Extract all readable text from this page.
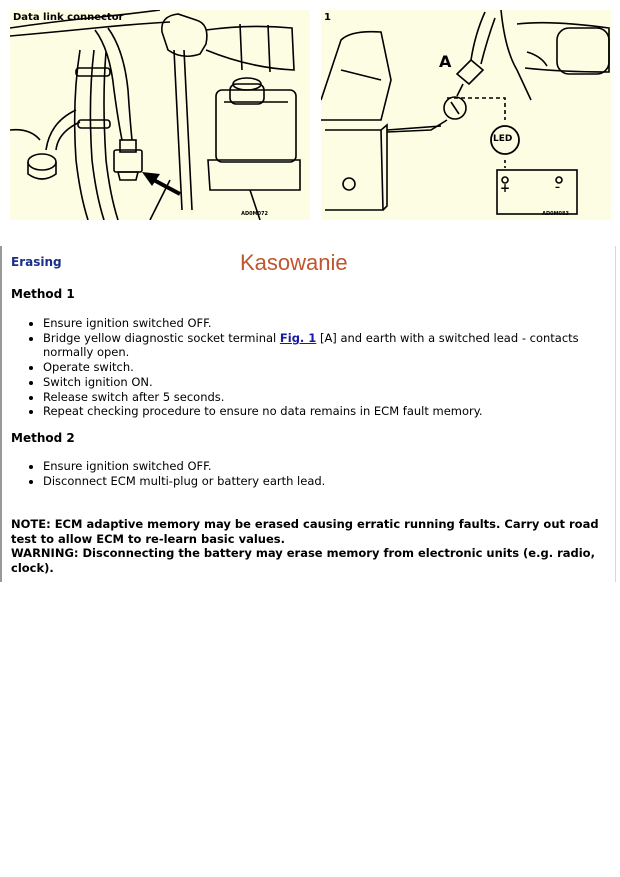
Data link connector
AD0M072
1
A
LED
+	–
AD0M083
Erasing	Kasowanie
Method 1
• Ensure ignition switched OFF.
• Bridge yellow diagnostic socket terminal Fig. 1 [A] and earth with a switched lead - contacts normally open.
• Operate switch.
• Switch ignition ON.
• Release switch after 5 seconds.
• Repeat checking procedure to ensure no data remains in ECM fault memory.
Method 2
• Ensure ignition switched OFF.
• Disconnect ECM multi-plug or battery earth lead.
NOTE: ECM adaptive memory may be erased causing erratic running faults. Carry out road test to allow ECM to re-learn basic values.
WARNING: Disconnecting the battery may erase memory from electronic units (e.g. radio, clock).
